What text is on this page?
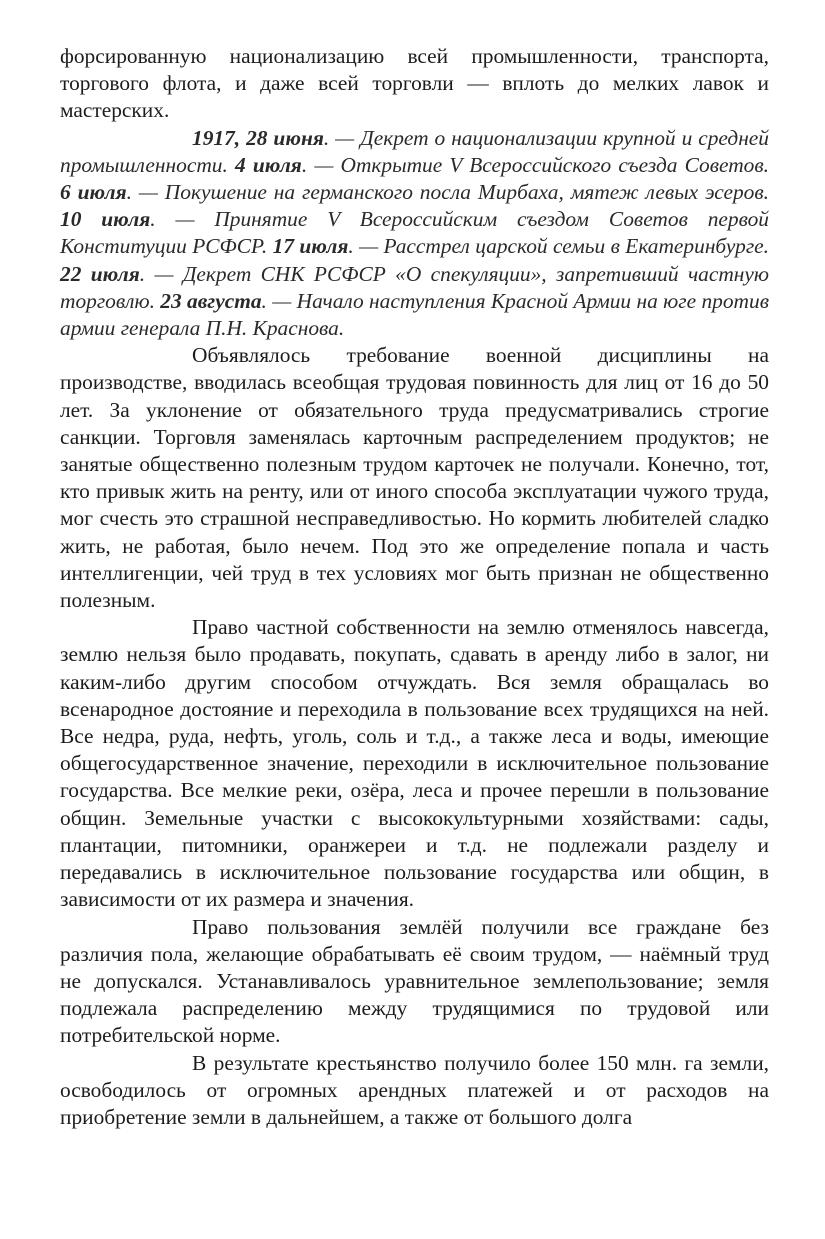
форсированную национализацию всей промышленности, транспорта, торгового флота, и даже всей торговли — вплоть до мелких лавок и мастерских.

1917, 28 июня. — Декрет о национализации крупной и средней промышленности. 4 июля. — Открытие V Всероссийского съезда Советов. 6 июля. — Покушение на германского посла Мирбаха, мятеж левых эсеров. 10 июля. — Принятие V Всероссийским съездом Советов первой Конституции РСФСР. 17 июля. — Расстрел царской семьи в Екатеринбурге. 22 июля. — Декрет СНК РСФСР «О спекуляции», запретивший частную торговлю. 23 августа. — Начало наступления Красной Армии на юге против армии генерала П.Н. Краснова.

Объявлялось требование военной дисциплины на производстве, вводилась всеобщая трудовая повинность для лиц от 16 до 50 лет. За уклонение от обязательного труда предусматривались строгие санкции. Торговля заменялась карточным распределением продуктов; не занятые общественно полезным трудом карточек не получали. Конечно, тот, кто привык жить на ренту, или от иного способа эксплуатации чужого труда, мог счесть это страшной несправедливостью. Но кормить любителей сладко жить, не работая, было нечем. Под это же определение попала и часть интеллигенции, чей труд в тех условиях мог быть признан не общественно полезным.

Право частной собственности на землю отменялось навсегда, землю нельзя было продавать, покупать, сдавать в аренду либо в залог, ни каким-либо другим способом отчуждать. Вся земля обращалась во всенародное достояние и переходила в пользование всех трудящихся на ней. Все недра, руда, нефть, уголь, соль и т.д., а также леса и воды, имеющие общегосударственное значение, переходили в исключительное пользование государства. Все мелкие реки, озёра, леса и прочее перешли в пользование общин. Земельные участки с высококультурными хозяйствами: сады, плантации, питомники, оранжереи и т.д. не подлежали разделу и передавались в исключительное пользование государства или общин, в зависимости от их размера и значения.

Право пользования землёй получили все граждане без различия пола, желающие обрабатывать её своим трудом, — наёмный труд не допускался. Устанавливалось уравнительное землепользование; земля подлежала распределению между трудящимися по трудовой или потребительской норме.

В результате крестьянство получило более 150 млн. га земли, освободилось от огромных арендных платежей и от расходов на приобретение земли в дальнейшем, а также от большого долга
